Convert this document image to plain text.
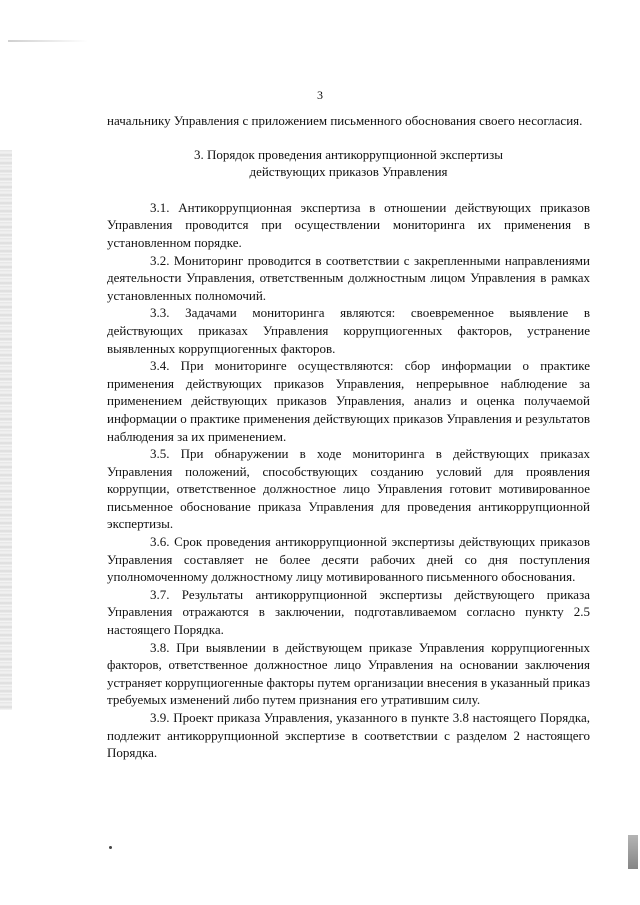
3

начальнику Управления с приложением письменного обоснования своего несогласия.

3. Порядок проведения антикоррупционной экспертизы
действующих приказов Управления

3.1. Антикоррупционная экспертиза в отношении действующих приказов Управления проводится при осуществлении мониторинга их применения в установленном порядке.

3.2. Мониторинг проводится в соответствии с закрепленными направлениями деятельности Управления, ответственным должностным лицом Управления в рамках установленных полномочий.

3.3. Задачами мониторинга являются: своевременное выявление в действующих приказах Управления коррупциогенных факторов, устранение выявленных коррупциогенных факторов.

3.4. При мониторинге осуществляются: сбор информации о практике применения действующих приказов Управления, непрерывное наблюдение за применением действующих приказов Управления, анализ и оценка получаемой информации о практике применения действующих приказов Управления и результатов наблюдения за их применением.

3.5. При обнаружении в ходе мониторинга в действующих приказах Управления положений, способствующих созданию условий для проявления коррупции, ответственное должностное лицо Управления готовит мотивированное письменное обоснование приказа Управления для проведения антикоррупционной экспертизы.

3.6. Срок проведения антикоррупционной экспертизы действующих приказов Управления составляет не более десяти рабочих дней со дня поступления уполномоченному должностному лицу мотивированного письменного обоснования.

3.7. Результаты антикоррупционной экспертизы действующего приказа Управления отражаются в заключении, подготавливаемом согласно пункту 2.5 настоящего Порядка.

3.8. При выявлении в действующем приказе Управления коррупциогенных факторов, ответственное должностное лицо Управления на основании заключения устраняет коррупциогенные факторы путем организации внесения в указанный приказ требуемых изменений либо путем признания его утратившим силу.

3.9. Проект приказа Управления, указанного в пункте 3.8 настоящего Порядка, подлежит антикоррупционной экспертизе в соответствии с разделом 2 настоящего Порядка.
